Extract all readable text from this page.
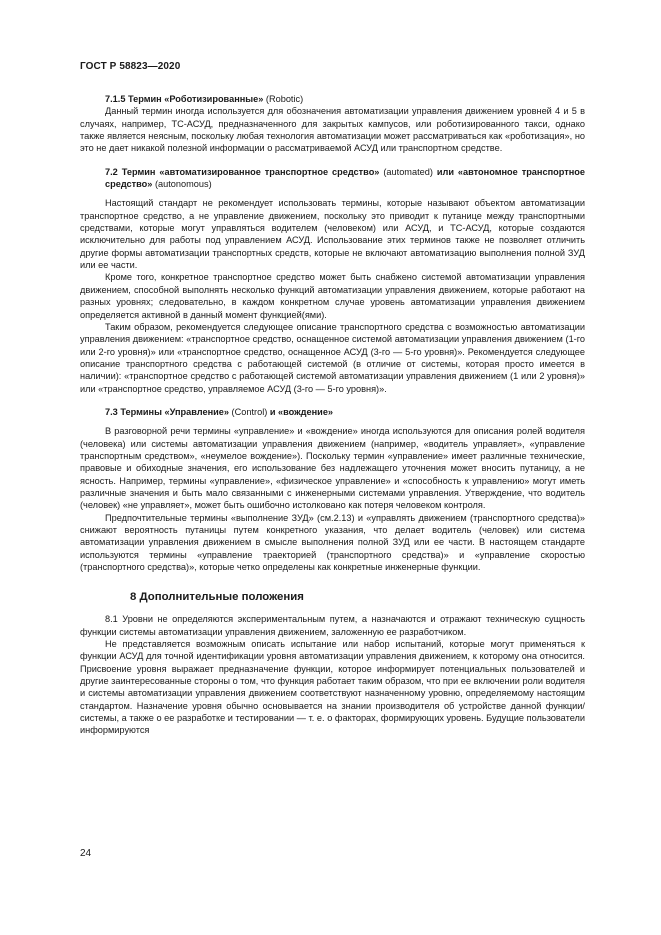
ГОСТ Р 58823—2020

7.1.5 Термин «Роботизированные» (Robotic)

Данный термин иногда используется для обозначения автоматизации управления движением уровней 4 и 5 в случаях, например, ТС-АСУД, предназначенного для закрытых кампусов, или роботизированного такси, однако также является неясным, поскольку любая технология автоматизации может рассматриваться как «роботизация», но это не дает никакой полезной информации о рассматриваемой АСУД или транспортном средстве.

7.2 Термин «автоматизированное транспортное средство» (automated) или «автономное транспортное средство» (autonomous)

Настоящий стандарт не рекомендует использовать термины, которые называют объектом автоматизации транспортное средство, а не управление движением, поскольку это приводит к путанице между транспортными средствами, которые могут управляться водителем (человеком) или АСУД, и ТС-АСУД, которые создаются исключительно для работы под управлением АСУД. Использование этих терминов также не позволяет отличить другие формы автоматизации транспортных средств, которые не включают автоматизацию выполнения полной ЗУД или ее части.

Кроме того, конкретное транспортное средство может быть снабжено системой автоматизации управления движением, способной выполнять несколько функций автоматизации управления движением, которые работают на разных уровнях; следовательно, в каждом конкретном случае уровень автоматизации управления движением определяется активной в данный момент функцией(ями).

Таким образом, рекомендуется следующее описание транспортного средства с возможностью автоматизации управления движением: «транспортное средство, оснащенное системой автоматизации управления движением (1-го или 2-го уровня)» или «транспортное средство, оснащенное АСУД (3-го — 5-го уровня)». Рекомендуется следующее описание транспортного средства с работающей системой (в отличие от системы, которая просто имеется в наличии): «транспортное средство с работающей системой автоматизации управления движением (1 или 2 уровня)» или «транспортное средство, управляемое АСУД (3-го — 5-го уровня)».

7.3 Термины «Управление» (Control) и «вождение»

В разговорной речи термины «управление» и «вождение» иногда используются для описания ролей водителя (человека) или системы автоматизации управления движением (например, «водитель управляет», «управление транспортным средством», «неумелое вождение»). Поскольку термин «управление» имеет различные технические, правовые и обиходные значения, его использование без надлежащего уточнения может вносить путаницу, а не ясность. Например, термины «управление», «физическое управление» и «способность к управлению» могут иметь различные значения и быть мало связанными с инженерными системами управления. Утверждение, что водитель (человек) «не управляет», может быть ошибочно истолковано как потеря человеком контроля.

Предпочтительные термины «выполнение ЗУД» (см.2.13) и «управлять движением (транспортного средства)» снижают вероятность путаницы путем конкретного указания, что делает водитель (человек) или система автоматизации управления движением в смысле выполнения полной ЗУД или ее части. В настоящем стандарте используются термины «управление траекторией (транспортного средства)» и «управление скоростью (транспортного средства)», которые четко определены как конкретные инженерные функции.

8 Дополнительные положения

8.1 Уровни не определяются экспериментальным путем, а назначаются и отражают техническую сущность функции системы автоматизации управления движением, заложенную ее разработчиком.

Не представляется возможным описать испытание или набор испытаний, которые могут применяться к функции АСУД для точной идентификации уровня автоматизации управления движением, к которому она относится. Присвоение уровня выражает предназначение функции, которое информирует потенциальных пользователей и другие заинтересованные стороны о том, что функция работает таким образом, что при ее включении роли водителя и системы автоматизации управления движением соответствуют назначенному уровню, определяемому настоящим стандартом. Назначение уровня обычно основывается на знании производителя об устройстве данной функции/системы, а также о ее разработке и тестировании — т. е. о факторах, формирующих уровень. Будущие пользователи информируются

24
